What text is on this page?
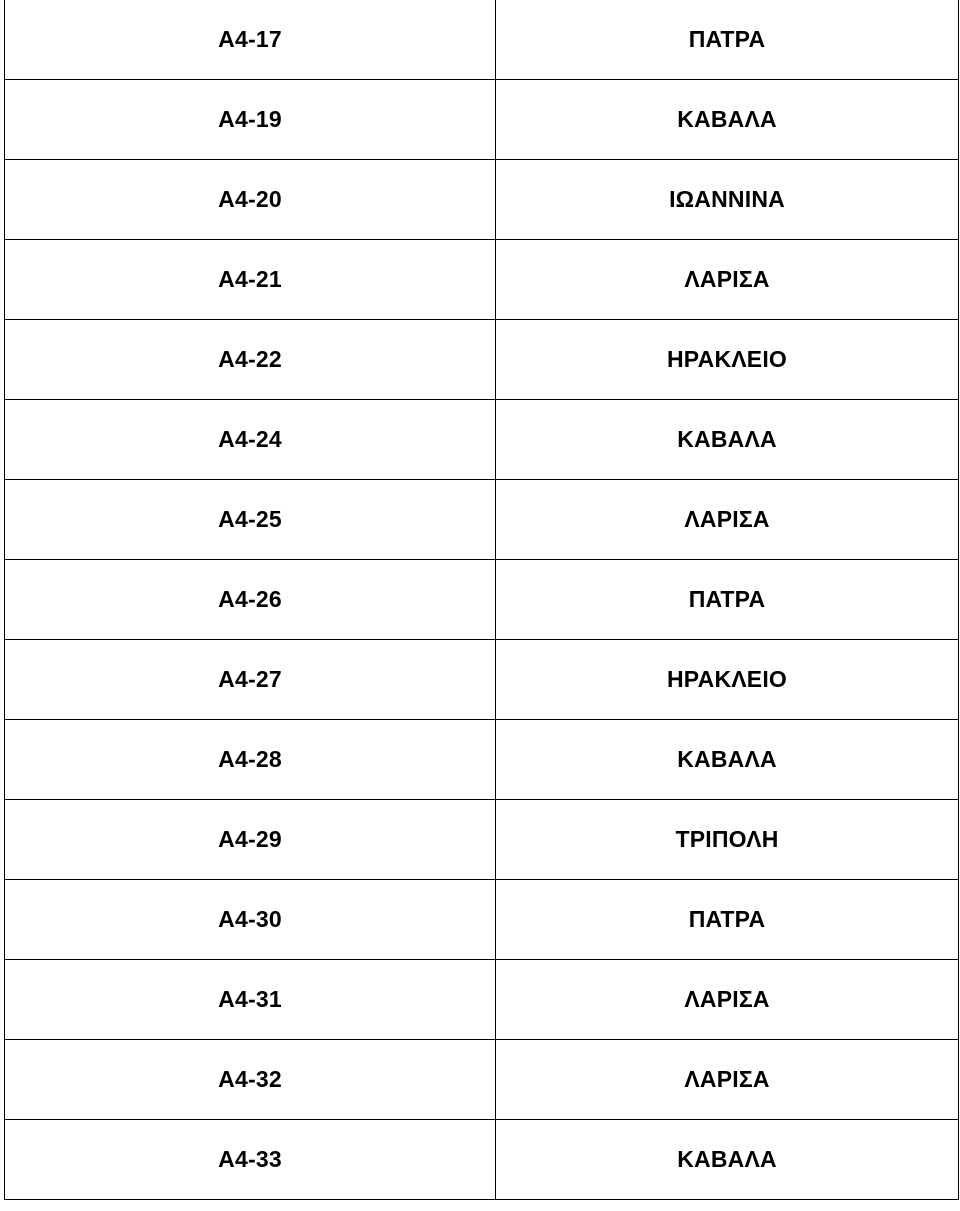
Α4-17	ΠΑΤΡΑ
Α4-19	ΚΑΒΑΛΑ
Α4-20	ΙΩΑΝΝΙΝΑ
Α4-21	ΛΑΡΙΣΑ
Α4-22	ΗΡΑΚΛΕΙΟ
Α4-24	ΚΑΒΑΛΑ
Α4-25	ΛΑΡΙΣΑ
Α4-26	ΠΑΤΡΑ
Α4-27	ΗΡΑΚΛΕΙΟ
Α4-28	ΚΑΒΑΛΑ
Α4-29	ΤΡΙΠΟΛΗ
Α4-30	ΠΑΤΡΑ
Α4-31	ΛΑΡΙΣΑ
Α4-32	ΛΑΡΙΣΑ
Α4-33	ΚΑΒΑΛΑ
